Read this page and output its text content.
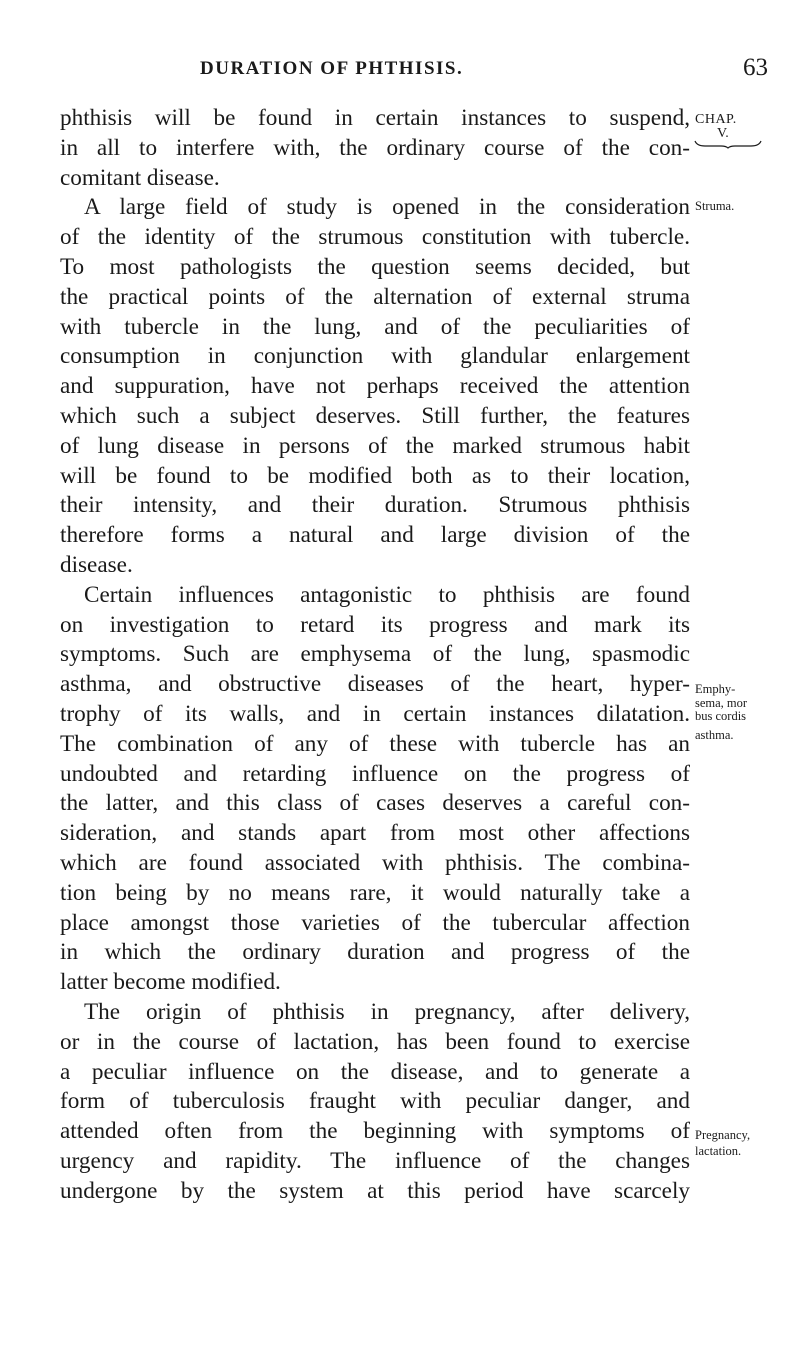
DURATION OF PHTHISIS.	63
CHAP.
V.
phthisis will be found in certain instances to suspend,
in all to interfere with, the ordinary course of the con-
comitant disease.
A large field of study is opened in the consideration
of the identity of the strumous constitution with tubercle.
To most pathologists the question seems decided, but
the practical points of the alternation of external struma
with tubercle in the lung, and of the peculiarities of
consumption in conjunction with glandular enlargement
and suppuration, have not perhaps received the attention
which such a subject deserves. Still further, the features
of lung disease in persons of the marked strumous habit
will be found to be modified both as to their location,
their intensity, and their duration. Strumous phthisis
therefore forms a natural and large division of the
disease.
Certain influences antagonistic to phthisis are found
on investigation to retard its progress and mark its
symptoms. Such are emphysema of the lung, spasmodic
asthma, and obstructive diseases of the heart, hyper-
trophy of its walls, and in certain instances dilatation.
The combination of any of these with tubercle has an
undoubted and retarding influence on the progress of
the latter, and this class of cases deserves a careful con-
sideration, and stands apart from most other affections
which are found associated with phthisis. The combina-
tion being by no means rare, it would naturally take a
place amongst those varieties of the tubercular affection
in which the ordinary duration and progress of the
latter become modified.
The origin of phthisis in pregnancy, after delivery,
or in the course of lactation, has been found to exercise
a peculiar influence on the disease, and to generate a
form of tuberculosis fraught with peculiar danger, and
attended often from the beginning with symptoms of
urgency and rapidity. The influence of the changes
undergone by the system at this period have scarcely
Struma.
Emphy-
sema, mor
bus cordis
asthma.
Pregnancy,
lactation.
